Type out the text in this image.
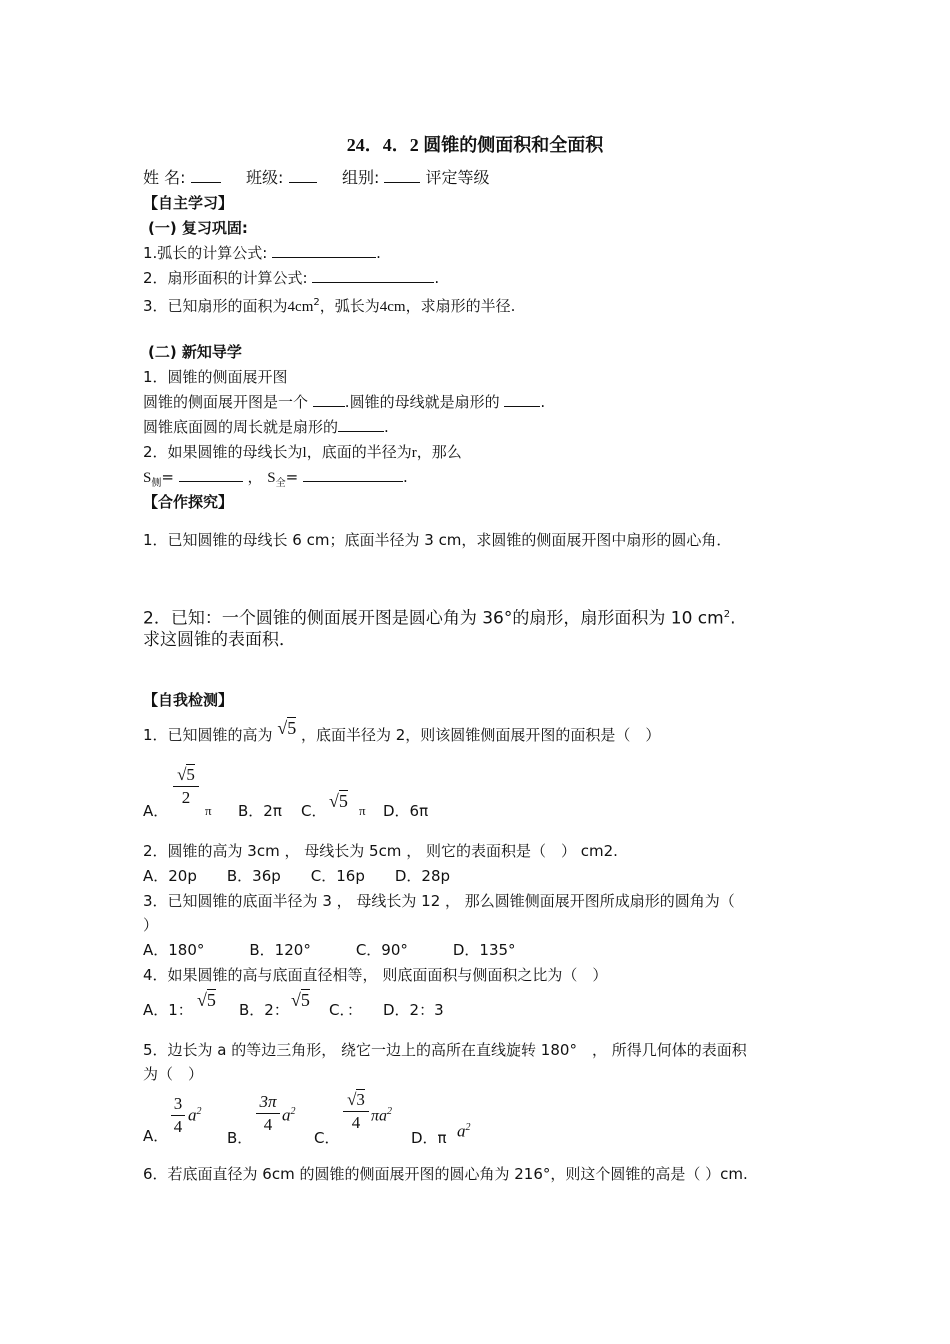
24．4．2 圆锥的侧面积和全面积
姓 名:	班级:	组别:	评定等级
【自主学习】
(一) 复习巩固:
1.弧长的计算公式:	.
2．扇形面积的计算公式:	.
3．已知扇形的面积为$4cm^2$，弧长为4cm，求扇形的半径.
(二) 新知导学
1．圆锥的侧面展开图
圆锥的侧面展开图是一个 .圆锥的母线就是扇形的	.
圆锥底面圆的周长就是扇形的	.
2．如果圆锥的母线长为l，底面的半径为r，那么
$S_侧=$	， $S_全=$	.
【合作探究】
1．已知圆锥的母线长 6 cm；底面半径为 3 cm，求圆锥的侧面展开图中扇形的圆心角．
2．已知：一个圆锥的侧面展开图是圆心角为 36°的扇形，扇形面积为 10 $cm^2$.
求这圆锥的表面积．
【自我检测】
1．已知圆锥的高为 √5 ，底面半径为 2，则该圆锥侧面展开图的面积是（　）
A．
√5
2
π B．2π C． √5 π D．6π
2．圆锥的高为 3cm ， 母线长为 5cm ， 则它的表面积是（　） cm2.
A．20p　　B．36p　　C．16p　　D．28p
3．已知圆锥的底面半径为 3 ， 母线长为 12 ， 那么圆锥侧面展开图所成扇形的圆角为（
）
A．180°　　　B．120°　　　C．90°　　　D．135°
4．如果圆锥的高与底面直径相等， 则底面面积与侧面积之比为（　）
A．1： √5 B．2： √5 C．： D．2：3
5．边长为 a 的等边三角形， 绕它一边上的高所在直线旋转 180°　， 所得几何体的表面积
为（　）
A．
3
4
$a^2$
B．
3π
4 $a^2$
C．
√3
4 $\pi a^2$
D．π $a^2$
6．若底面直径为 6cm 的圆锥的侧面展开图的圆心角为 216°，则这个圆锥的高是（ ）cm.
